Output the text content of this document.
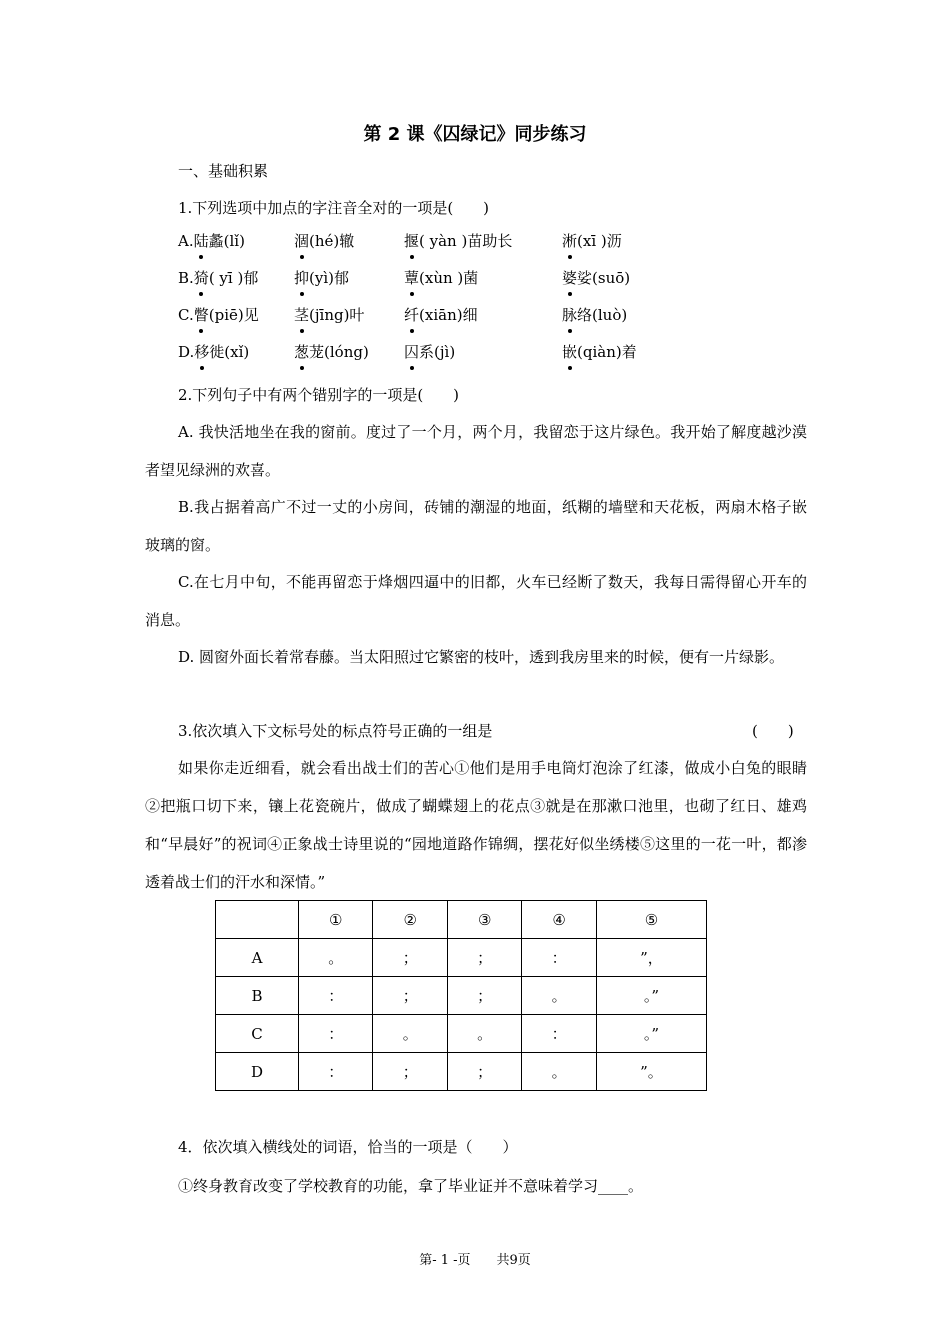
第 2 课《囚绿记》同步练习
一、基础积累
1.下列选项中加点的字注音全对的一项是(　　)
A.陆蠡(lǐ)	涸(hé)辙	揠( yàn )苗助长	淅(xī )沥
B.猗( yī )郁 抑(yì)郁	蕈(xùn )菌	婆娑(suō)
C.瞥(piē)见 茎(jīng)叶	纤(xiān)细	脉络(luò)
D.移徙(xǐ)	葱茏(lóng) 囚系(jì)	嵌(qiàn)着
2.下列句子中有两个错别字的一项是(　　)
A. 我快活地坐在我的窗前。度过了一个月，两个月，我留恋于这片绿色。我开始了解度越沙漠者望见绿洲的欢喜。
B.我占据着高广不过一丈的小房间，砖铺的潮湿的地面，纸糊的墙壁和天花板，两扇木格子嵌玻璃的窗。
C.在七月中旬，不能再留恋于烽烟四逼中的旧都，火车已经断了数天，我每日需得留心开车的消息。
D. 圆窗外面长着常春藤。当太阳照过它繁密的枝叶，透到我房里来的时候，便有一片绿影。
3.依次填入下文标号处的标点符号正确的一组是	(　　)
如果你走近细看，就会看出战士们的苦心①他们是用手电筒灯泡涂了红漆，做成小白兔的眼睛②把瓶口切下来，镶上花瓷碗片，做成了蝴蝶翅上的花点③就是在那漱口池里，也砌了红日、雄鸡和“早晨好”的祝词④正象战士诗里说的“园地道路作锦绸，摆花好似坐绣楼⑤这里的一花一叶，都渗透着战士们的汗水和深情。”
	①	②	③	④	⑤
A	。	；	；	：	”，
B	：	；	；	。	。”
C	：	。	。	：	。”
D	：	；	；	。	”。
4．依次填入横线处的词语，恰当的一项是（　　）
①终身教育改变了学校教育的功能，拿了毕业证并不意味着学习____。
第- 1 -页　　共9页
